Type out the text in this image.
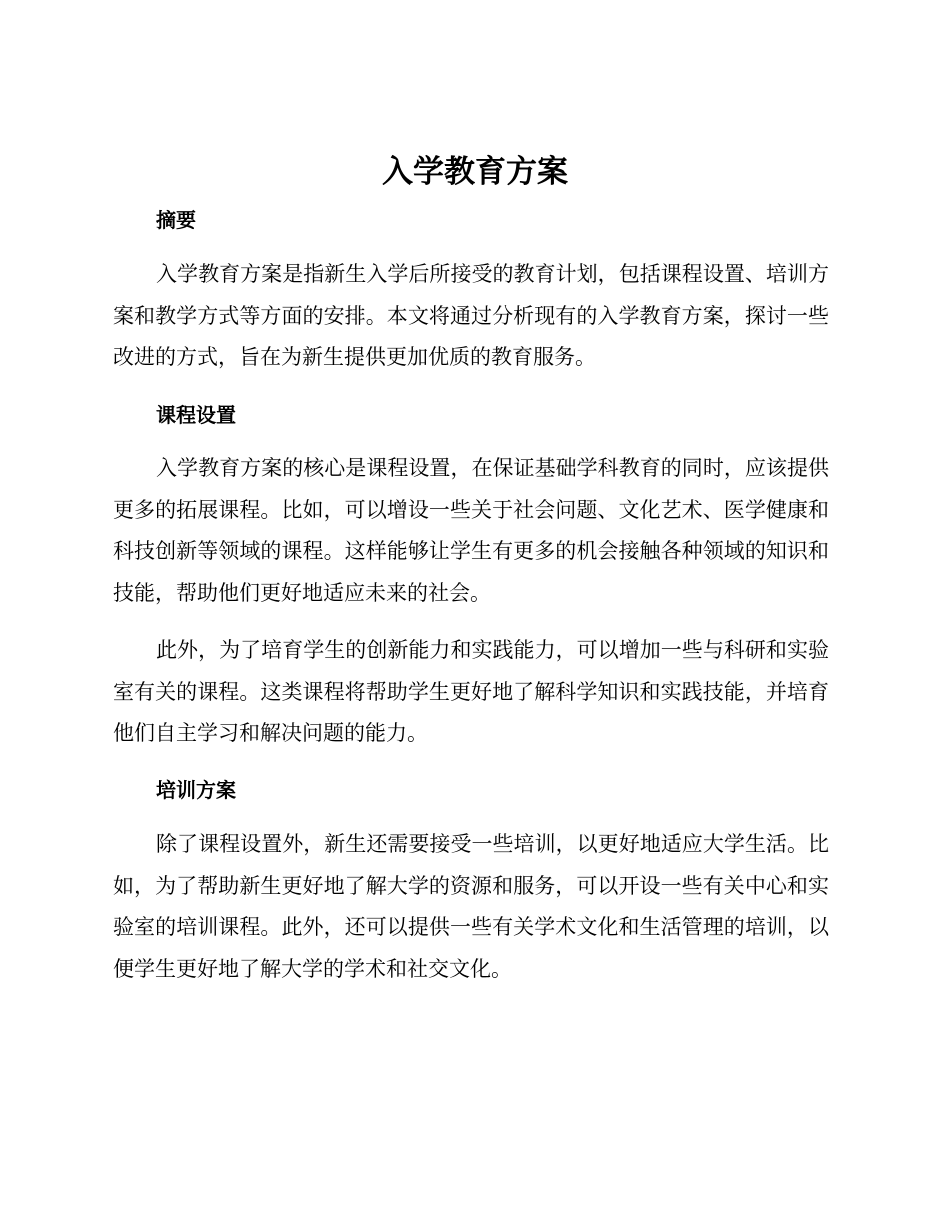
入学教育方案
摘要

入学教育方案是指新生入学后所接受的教育计划，包括课程设置、培训方案和教学方式等方面的安排。本文将通过分析现有的入学教育方案，探讨一些改进的方式，旨在为新生提供更加优质的教育服务。

课程设置

入学教育方案的核心是课程设置，在保证基础学科教育的同时，应该提供更多的拓展课程。比如，可以增设一些关于社会问题、文化艺术、医学健康和科技创新等领域的课程。这样能够让学生有更多的机会接触各种领域的知识和技能，帮助他们更好地适应未来的社会。

此外，为了培育学生的创新能力和实践能力，可以增加一些与科研和实验室有关的课程。这类课程将帮助学生更好地了解科学知识和实践技能，并培育他们自主学习和解决问题的能力。

培训方案

除了课程设置外，新生还需要接受一些培训，以更好地适应大学生活。比如，为了帮助新生更好地了解大学的资源和服务，可以开设一些有关中心和实验室的培训课程。此外，还可以提供一些有关学术文化和生活管理的培训，以便学生更好地了解大学的学术和社交文化。
